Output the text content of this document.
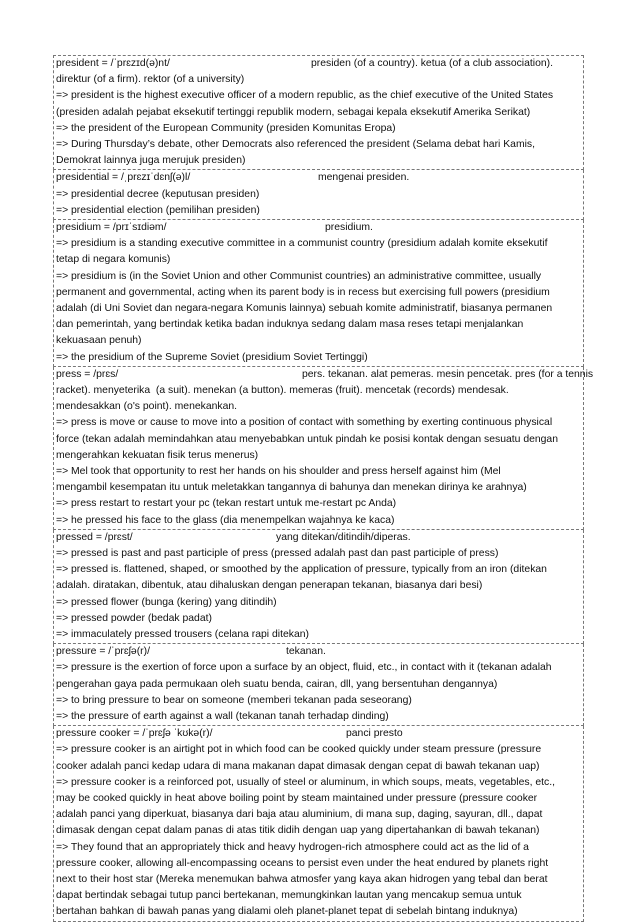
president = /ˈprɛzɪd(ə)nt/	presiden (of a country). ketua (of a club association).
direktur (of a firm). rektor (of a university)
=> president is the highest executive officer of a modern republic, as the chief executive of the United States
(presiden adalah pejabat eksekutif tertinggi republik modern, sebagai kepala eksekutif Amerika Serikat)
=> the president of the European Community (presiden Komunitas Eropa)
=> During Thursday’s debate, other Democrats also referenced the president (Selama debat hari Kamis,
Demokrat lainnya juga merujuk presiden)
presidential = /ˌprɛzɪˈdɛnʃ(ə)l/	mengenai presiden.
=> presidential decree (keputusan presiden)
=> presidential election (pemilihan presiden)
presidium = /prɪˈsɪdiəm/	presidium.
=> presidium is a standing executive committee in a communist country (presidium adalah komite eksekutif
tetap di negara komunis)
=> presidium is (in the Soviet Union and other Communist countries) an administrative committee, usually
permanent and governmental, acting when its parent body is in recess but exercising full powers (presidium
adalah (di Uni Soviet dan negara-negara Komunis lainnya) sebuah komite administratif, biasanya permanen
dan pemerintah, yang bertindak ketika badan induknya sedang dalam masa reses tetapi menjalankan
kekuasaan penuh)
=> the presidium of the Supreme Soviet (presidium Soviet Tertinggi)
press = /prɛs/	pers. tekanan. alat pemeras. mesin pencetak. pres (for a tennis
racket). menyeterika  (a suit). menekan (a button). memeras (fruit). mencetak (records) mendesak.
mendesakkan (o's point). menekankan.
=> press is move or cause to move into a position of contact with something by exerting continuous physical
force (tekan adalah memindahkan atau menyebabkan untuk pindah ke posisi kontak dengan sesuatu dengan
mengerahkan kekuatan fisik terus menerus)
=> Mel took that opportunity to rest her hands on his shoulder and press herself against him (Mel
mengambil kesempatan itu untuk meletakkan tangannya di bahunya dan menekan dirinya ke arahnya)
=> press restart to restart your pc (tekan restart untuk me-restart pc Anda)
=> he pressed his face to the glass (dia menempelkan wajahnya ke kaca)
pressed = /prɛst/	yang ditekan/ditindih/diperas.
=> pressed is past and past participle of press (pressed adalah past dan past participle of press)
=> pressed is. flattened, shaped, or smoothed by the application of pressure, typically from an iron (ditekan
adalah. diratakan, dibentuk, atau dihaluskan dengan penerapan tekanan, biasanya dari besi)
=> pressed flower (bunga (kering) yang ditindih)
=> pressed powder (bedak padat)
=> immaculately pressed trousers (celana rapi ditekan)
pressure = /ˈprɛʃə(r)/	tekanan.
=> pressure is the exertion of force upon a surface by an object, fluid, etc., in contact with it (tekanan adalah
pengerahan gaya pada permukaan oleh suatu benda, cairan, dll, yang bersentuhan dengannya)
=> to bring pressure to bear on someone (memberi tekanan pada seseorang)
=> the pressure of earth against a wall (tekanan tanah terhadap dinding)
pressure cooker = /ˈprɛʃə ˈkʊkə(r)/	panci presto
=> pressure cooker is an airtight pot in which food can be cooked quickly under steam pressure (pressure
cooker adalah panci kedap udara di mana makanan dapat dimasak dengan cepat di bawah tekanan uap)
=> pressure cooker is a reinforced pot, usually of steel or aluminum, in which soups, meats, vegetables, etc.,
may be cooked quickly in heat above boiling point by steam maintained under pressure (pressure cooker
adalah panci yang diperkuat, biasanya dari baja atau aluminium, di mana sup, daging, sayuran, dll., dapat
dimasak dengan cepat dalam panas di atas titik didih dengan uap yang dipertahankan di bawah tekanan)
=> They found that an appropriately thick and heavy hydrogen-rich atmosphere could act as the lid of a
pressure cooker, allowing all-encompassing oceans to persist even under the heat endured by planets right
next to their host star (Mereka menemukan bahwa atmosfer yang kaya akan hidrogen yang tebal dan berat
dapat bertindak sebagai tutup panci bertekanan, memungkinkan lautan yang mencakup semua untuk
bertahan bahkan di bawah panas yang dialami oleh planet-planet tepat di sebelah bintang induknya)
